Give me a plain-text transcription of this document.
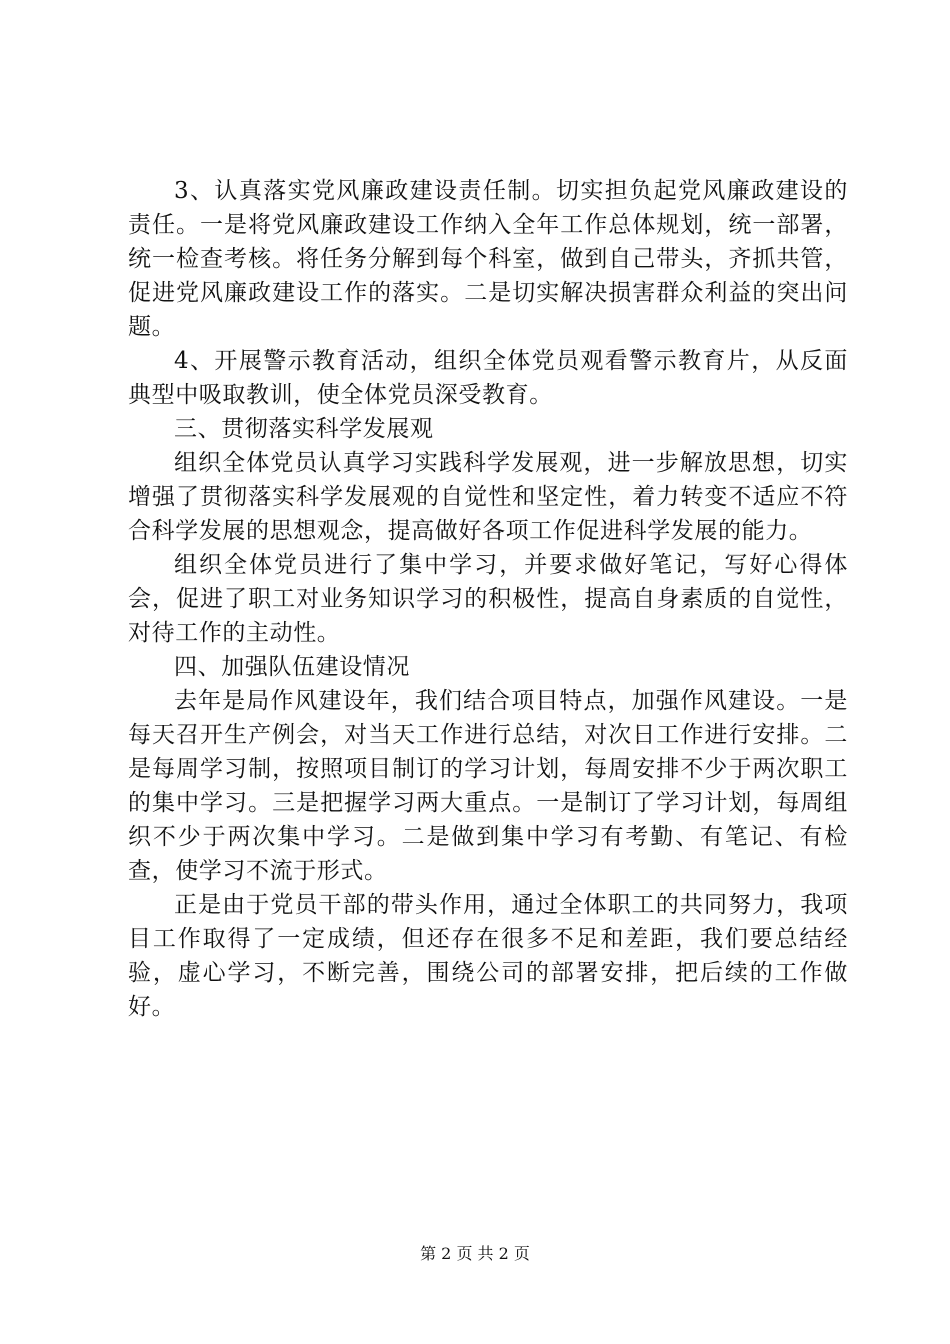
3、认真落实党风廉政建设责任制。切实担负起党风廉政建设的责任。一是将党风廉政建设工作纳入全年工作总体规划，统一部署，统一检查考核。将任务分解到每个科室，做到自己带头，齐抓共管，促进党风廉政建设工作的落实。二是切实解决损害群众利益的突出问题。

4、开展警示教育活动，组织全体党员观看警示教育片，从反面典型中吸取教训，使全体党员深受教育。

三、贯彻落实科学发展观

组织全体党员认真学习实践科学发展观，进一步解放思想，切实增强了贯彻落实科学发展观的自觉性和坚定性，着力转变不适应不符合科学发展的思想观念，提高做好各项工作促进科学发展的能力。

组织全体党员进行了集中学习，并要求做好笔记，写好心得体会，促进了职工对业务知识学习的积极性，提高自身素质的自觉性，对待工作的主动性。

四、加强队伍建设情况

去年是局作风建设年，我们结合项目特点，加强作风建设。一是每天召开生产例会，对当天工作进行总结，对次日工作进行安排。二是每周学习制，按照项目制订的学习计划，每周安排不少于两次职工的集中学习。三是把握学习两大重点。一是制订了学习计划，每周组织不少于两次集中学习。二是做到集中学习有考勤、有笔记、有检查，使学习不流于形式。

正是由于党员干部的带头作用，通过全体职工的共同努力，我项目工作取得了一定成绩，但还存在很多不足和差距，我们要总结经验，虚心学习，不断完善，围绕公司的部署安排，把后续的工作做好。

第 2 页 共 2 页
